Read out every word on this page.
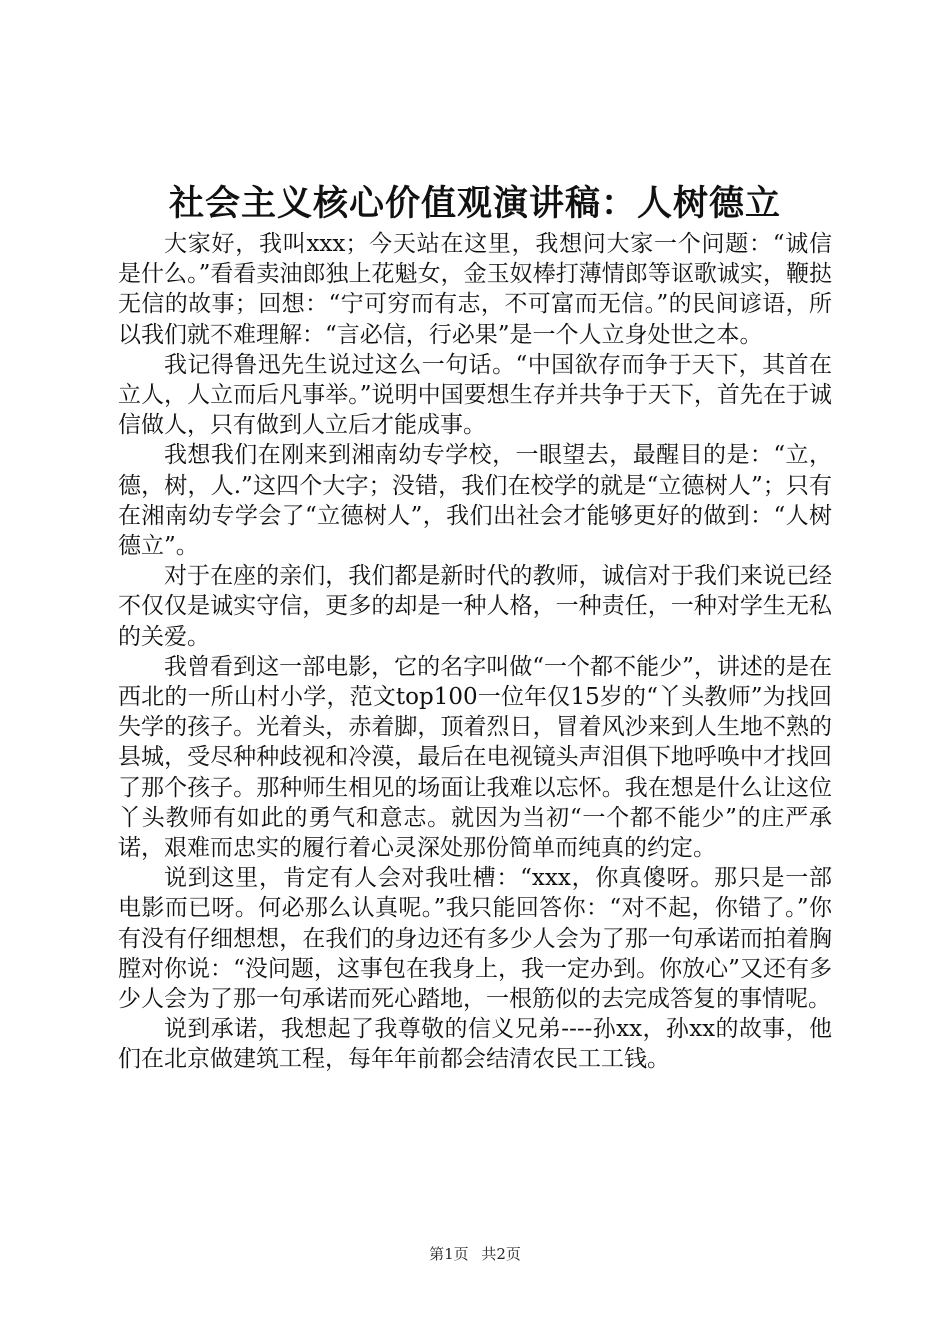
社会主义核心价值观演讲稿：人树德立

大家好，我叫xxx；今天站在这里，我想问大家一个问题：“诚信是什么。”看看卖油郎独上花魁女，金玉奴棒打薄情郎等讴歌诚实，鞭挞无信的故事；回想：“宁可穷而有志，不可富而无信。”的民间谚语，所以我们就不难理解：“言必信，行必果”是一个人立身处世之本。

我记得鲁迅先生说过这么一句话。“中国欲存而争于天下，其首在立人，人立而后凡事举。”说明中国要想生存并共争于天下，首先在于诚信做人，只有做到人立后才能成事。

我想我们在刚来到湘南幼专学校，一眼望去，最醒目的是：“立，德，树，人.”这四个大字；没错，我们在校学的就是“立德树人”；只有在湘南幼专学会了“立德树人”，我们出社会才能够更好的做到：“人树德立”。

对于在座的亲们，我们都是新时代的教师，诚信对于我们来说已经不仅仅是诚实守信，更多的却是一种人格，一种责任，一种对学生无私的关爱。

我曾看到这一部电影，它的名字叫做“一个都不能少”，讲述的是在西北的一所山村小学，范文top100一位年仅15岁的“丫头教师”为找回失学的孩子。光着头，赤着脚，顶着烈日，冒着风沙来到人生地不熟的县城，受尽种种歧视和冷漠，最后在电视镜头声泪俱下地呼唤中才找回了那个孩子。那种师生相见的场面让我难以忘怀。我在想是什么让这位丫头教师有如此的勇气和意志。就因为当初“一个都不能少”的庄严承诺，艰难而忠实的履行着心灵深处那份简单而纯真的约定。

说到这里，肯定有人会对我吐槽：“xxx，你真傻呀。那只是一部电影而已呀。何必那么认真呢。”我只能回答你：“对不起，你错了。”你有没有仔细想想，在我们的身边还有多少人会为了那一句承诺而拍着胸膛对你说：“没问题，这事包在我身上，我一定办到。你放心”又还有多少人会为了那一句承诺而死心踏地，一根筋似的去完成答复的事情呢。

说到承诺，我想起了我尊敬的信义兄弟----孙xx，孙xx的故事，他们在北京做建筑工程，每年年前都会结清农民工工钱。

第1页 共2页
